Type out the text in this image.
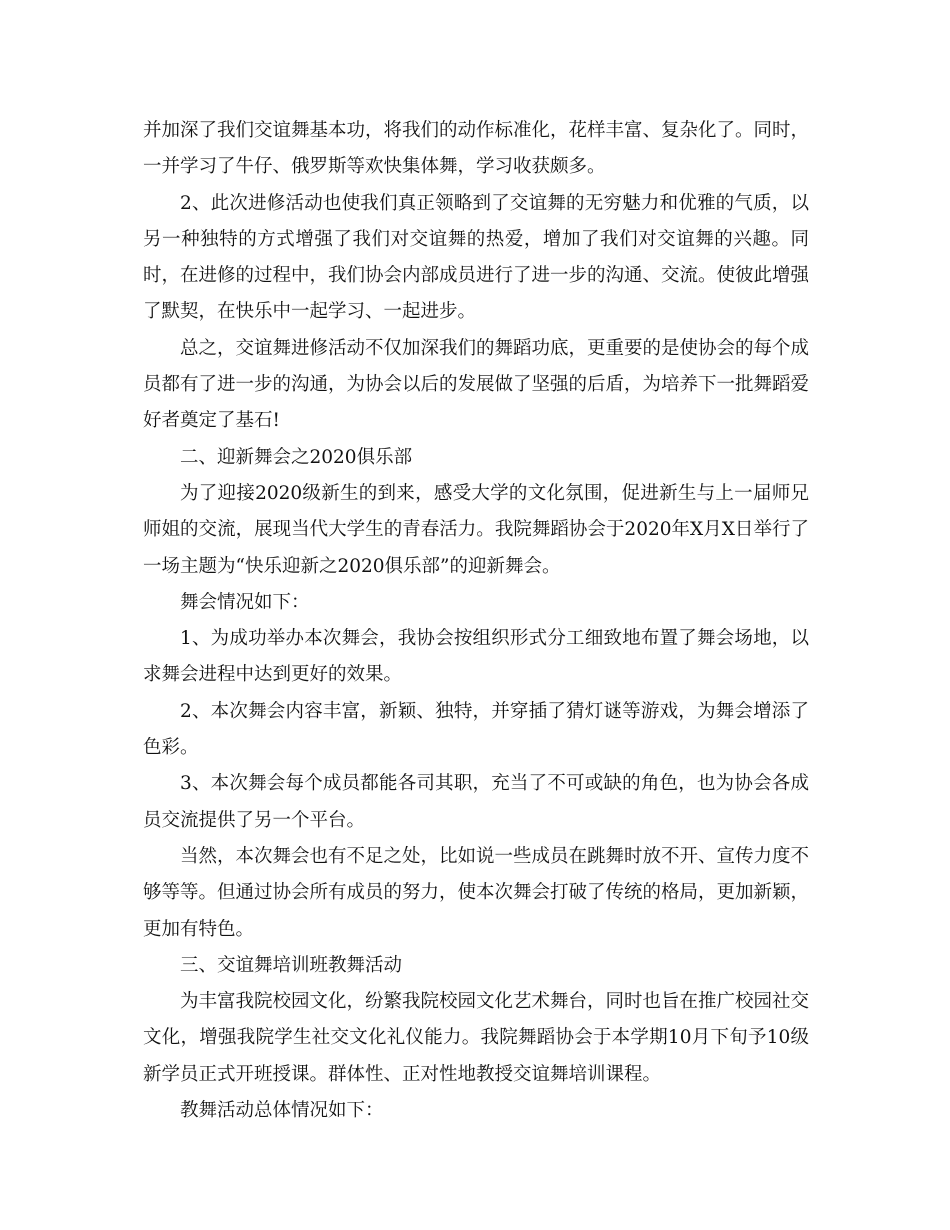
并加深了我们交谊舞基本功，将我们的动作标准化，花样丰富、复杂化了。同时，一并学习了牛仔、俄罗斯等欢快集体舞，学习收获颇多。

2、此次进修活动也使我们真正领略到了交谊舞的无穷魅力和优雅的气质，以另一种独特的方式增强了我们对交谊舞的热爱，增加了我们对交谊舞的兴趣。同时，在进修的过程中，我们协会内部成员进行了进一步的沟通、交流。使彼此增强了默契，在快乐中一起学习、一起进步。

总之，交谊舞进修活动不仅加深我们的舞蹈功底，更重要的是使协会的每个成员都有了进一步的沟通，为协会以后的发展做了坚强的后盾，为培养下一批舞蹈爱好者奠定了基石!

二、迎新舞会之2020俱乐部

为了迎接2020级新生的到来，感受大学的文化氛围，促进新生与上一届师兄师姐的交流，展现当代大学生的青春活力。我院舞蹈协会于2020年X月X日举行了一场主题为“快乐迎新之2020俱乐部”的迎新舞会。

舞会情况如下：

1、为成功举办本次舞会，我协会按组织形式分工细致地布置了舞会场地，以求舞会进程中达到更好的效果。

2、本次舞会内容丰富，新颖、独特，并穿插了猜灯谜等游戏，为舞会增添了色彩。

3、本次舞会每个成员都能各司其职，充当了不可或缺的角色，也为协会各成员交流提供了另一个平台。

当然，本次舞会也有不足之处，比如说一些成员在跳舞时放不开、宣传力度不够等等。但通过协会所有成员的努力，使本次舞会打破了传统的格局，更加新颖，更加有特色。

三、交谊舞培训班教舞活动

为丰富我院校园文化，纷繁我院校园文化艺术舞台，同时也旨在推广校园社交文化，增强我院学生社交文化礼仪能力。我院舞蹈协会于本学期10月下旬予10级新学员正式开班授课。群体性、正对性地教授交谊舞培训课程。

教舞活动总体情况如下：
